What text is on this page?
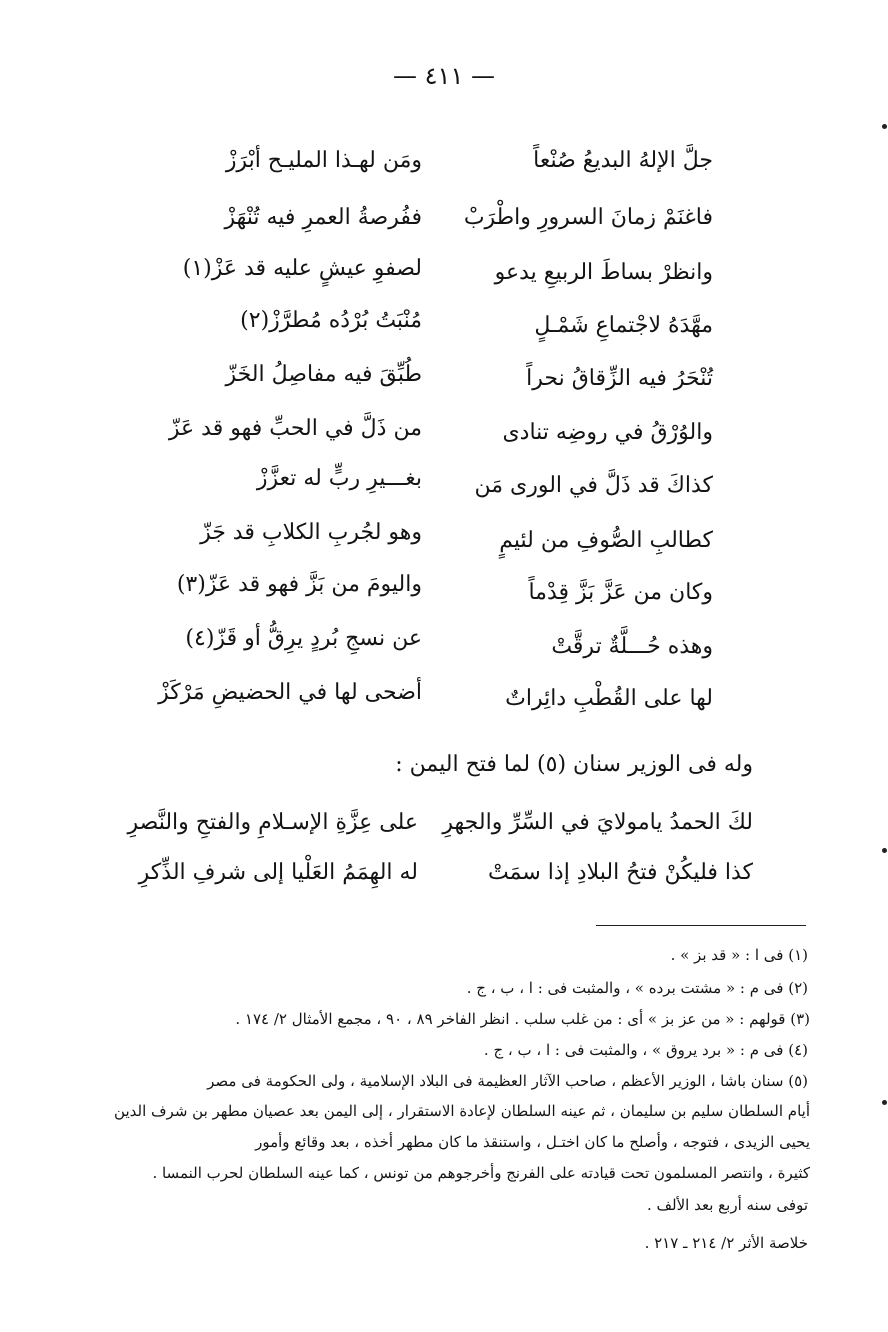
— ٤١١ —
جلَّ الإلهُ البديعُ صُنْعاً
ومَن لهـذا المليـح أبْرَزْ
فاغنَمْ زمانَ السرورِ واطْرَبْ
ففُرصةُ العمرِ فيه تُنْهَزْ
وانظرْ بساطَ الربيعِ يدعو
لصفوِ عيشٍ عليه قد عَزْ(١)
مهَّدَهُ لاجْتماعِ شَمْـلٍ
مُنْبَتُ بُرْدُه مُطرَّزْ(٢)
تُنْحَرُ فيه الزِّقاقُ نحراً
طُبِّقَ فيه مفاصِلُ الخَزّ
والوُرْقُ في روضِه تنادى
من ذَلَّ في الحبِّ فهو قد عَزّ
كذاكَ قد ذَلَّ في الورى مَن
بغـــيرِ ربٍّ له تعزَّزْ
كطالبِ الصُّوفِ من لئيمٍ
وهو لجُربِ الكلابِ قد جَزّ
وكان من عَزَّ بَزَّ قِدْماً
واليومَ من بَزَّ فهو قد عَزّ(٣)
وهذه حُـــلَّةٌ ترقَّتْ
عن نسجِ بُردٍ يرِقُّ أو قَزّ(٤)
لها على القُطْبِ دائِراتٌ
أضحى لها في الحضيضِ مَرْكَزْ
وله فى الوزير سنان (٥) لما فتح اليمن :
لكَ الحمدُ يامولايَ في السِّرِّ والجهرِ
على عِزَّةِ الإسـلامِ والفتحِ والنَّصرِ
كذا فليكُنْ فتحُ البلادِ إذا سمَتْ
له الهِمَمُ العَلْيا إلى شرفِ الذِّكرِ
(١) فى ا : « قد بز » .
(٢) فى م : « مشتت برده » ، والمثبت فى : ا ، ب ، ج .
(٣) قولهم : « من عز بز » أى : من غلب سلب . انظر الفاخر ٨٩ ، ٩٠ ، مجمع الأمثال ٢/ ١٧٤ .
(٤) فى م : « برد يروق » ، والمثبت فى : ا ، ب ، ج .
(٥) سنان باشا ، الوزير الأعظم ، صاحب الآثار العظيمة فى البلاد الإسلامية ، ولى الحكومة فى مصر
أيام السلطان سليم بن سليمان ، ثم عينه السلطان لإعادة الاستقرار ، إلى اليمن بعد عصيان مطهر بن شرف الدين
يحيى الزيدى ، فتوجه ، وأصلح ما كان اختـل ، واستنقذ ما كان مطهر أخذه ، بعد وقائع وأمور
كثيرة ، وانتصر المسلمون تحت قيادته على الفرنج وأخرجوهم من تونس ، كما عينه السلطان لحرب النمسا .
توفى سنه أربع بعد الألف .
خلاصة الأثر ٢/ ٢١٤ ـ ٢١٧ .
